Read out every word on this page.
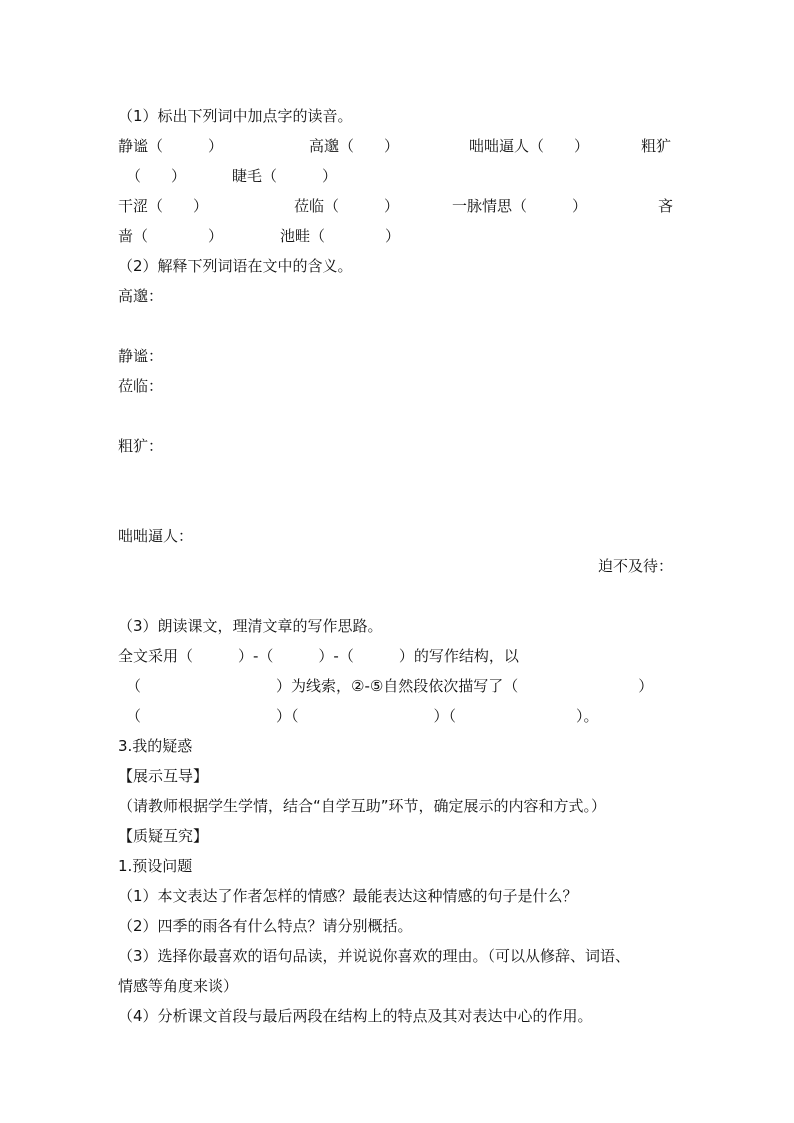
（1）标出下列词中加点字的读音。
静谧（　　　）	高邈（　　）	咄咄逼人（　　）	粗犷
（　　）	睫毛（　　　）
干涩（　　）	莅临（　　　）	一脉情思（　　　）	吝
啬（　　　　）	池畦（　　　　）
（2）解释下列词语在文中的含义。
高邈：
静谧：
莅临：
粗犷：
咄咄逼人：
迫不及待：
（3）朗读课文，理清文章的写作思路。
全文采用（　　　）-（　　　）-（　　　）的写作结构，以
（　　　　　　　　　）为线索，②-⑤自然段依次描写了（　　　　　　　　）
（　　　　　　　　　）（　　　　　　　　　）（　　　　　　　　）。
3.我的疑惑
【展示互导】
（请教师根据学生学情，结合“自学互助”环节，确定展示的内容和方式。）
【质疑互究】
1.预设问题
（1）本文表达了作者怎样的情感？最能表达这种情感的句子是什么？
（2）四季的雨各有什么特点？请分别概括。
（3）选择你最喜欢的语句品读，并说说你喜欢的理由。（可以从修辞、词语、
情感等角度来谈）
（4）分析课文首段与最后两段在结构上的特点及其对表达中心的作用。
